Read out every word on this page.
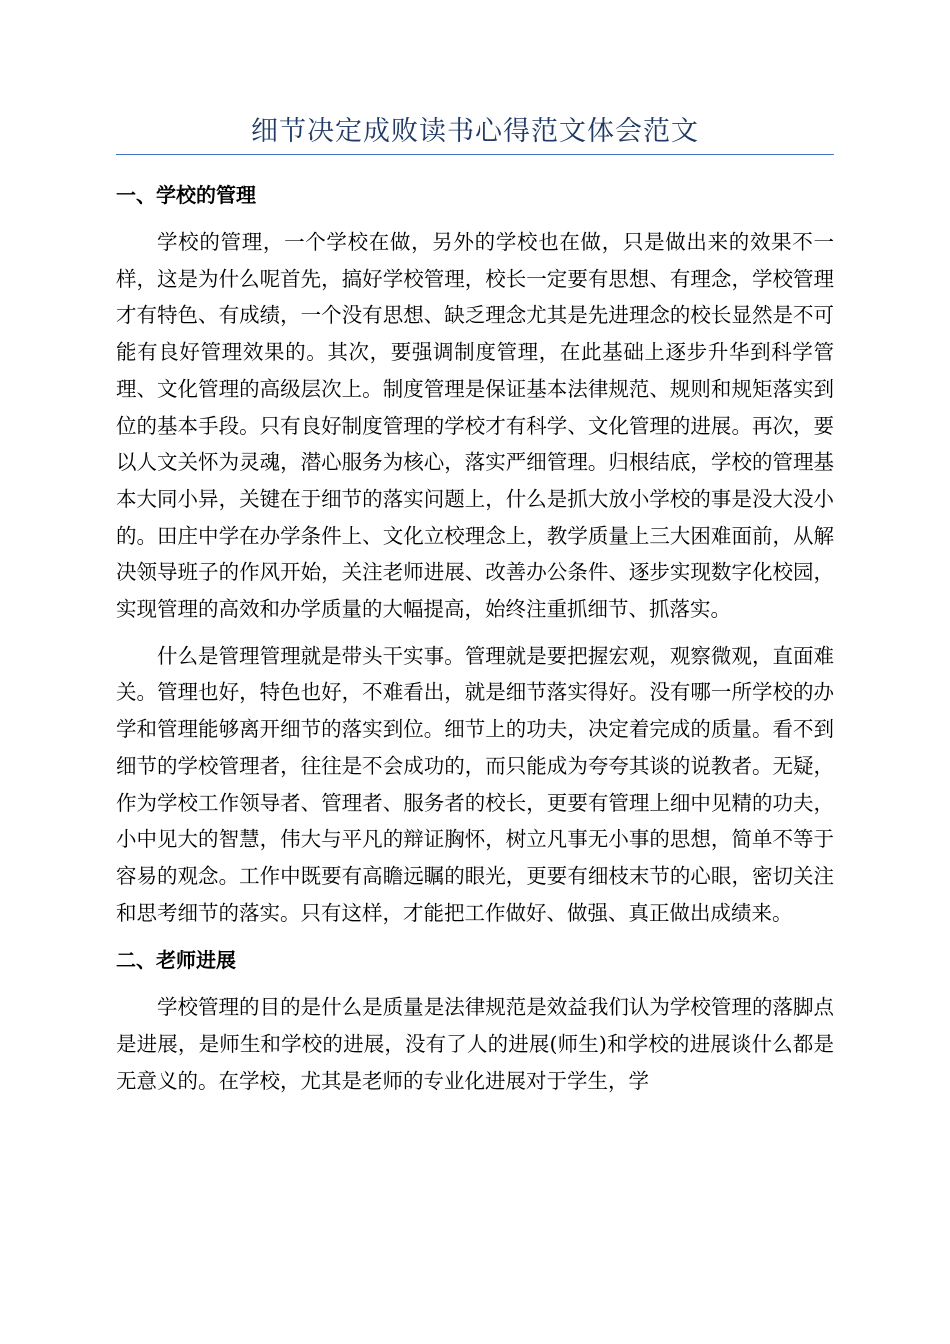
细节决定成败读书心得范文体会范文
一、学校的管理

学校的管理，一个学校在做，另外的学校也在做，只是做出来的效果不一样，这是为什么呢首先，搞好学校管理，校长一定要有思想、有理念，学校管理才有特色、有成绩，一个没有思想、缺乏理念尤其是先进理念的校长显然是不可能有良好管理效果的。其次，要强调制度管理，在此基础上逐步升华到科学管理、文化管理的高级层次上。制度管理是保证基本法律规范、规则和规矩落实到位的基本手段。只有良好制度管理的学校才有科学、文化管理的进展。再次，要以人文关怀为灵魂，潜心服务为核心，落实严细管理。归根结底，学校的管理基本大同小异，关键在于细节的落实问题上，什么是抓大放小学校的事是没大没小的。田庄中学在办学条件上、文化立校理念上，教学质量上三大困难面前，从解决领导班子的作风开始，关注老师进展、改善办公条件、逐步实现数字化校园，实现管理的高效和办学质量的大幅提高，始终注重抓细节、抓落实。

什么是管理管理就是带头干实事。管理就是要把握宏观，观察微观，直面难关。管理也好，特色也好，不难看出，就是细节落实得好。没有哪一所学校的办学和管理能够离开细节的落实到位。细节上的功夫，决定着完成的质量。看不到细节的学校管理者，往往是不会成功的，而只能成为夸夸其谈的说教者。无疑，作为学校工作领导者、管理者、服务者的校长，更要有管理上细中见精的功夫，小中见大的智慧，伟大与平凡的辩证胸怀，树立凡事无小事的思想，简单不等于容易的观念。工作中既要有高瞻远瞩的眼光，更要有细枝末节的心眼，密切关注和思考细节的落实。只有这样，才能把工作做好、做强、真正做出成绩来。

二、老师进展

学校管理的目的是什么是质量是法律规范是效益我们认为学校管理的落脚点是进展，是师生和学校的进展，没有了人的进展(师生)和学校的进展谈什么都是无意义的。在学校，尤其是老师的专业化进展对于学生，学
